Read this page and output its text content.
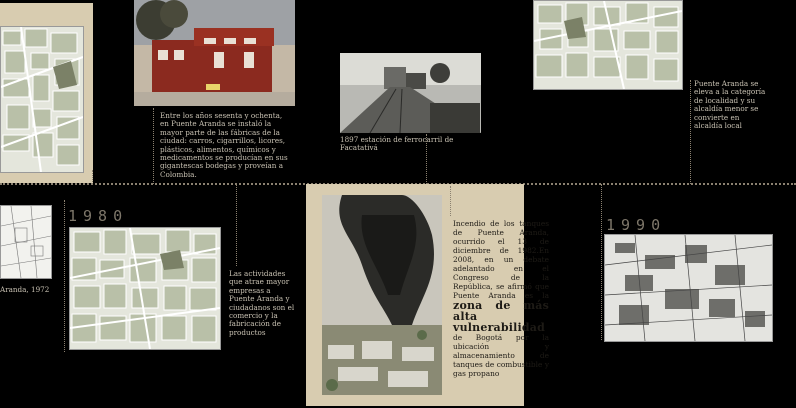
Entre los años sesenta y ochenta, en Puente Aranda se instaló la mayor parte de las fábricas de la ciudad: carros, cigarrillos, licores, plásticos, alimentos, químicos y medicamentos se producían en sus gigantescas bodegas y proveían a Colombia.
1897 estación de ferrocarril de Facatativá
Puente Aranda se eleva a la categoría de localidad y su alcaldía menor se convierte en alcaldía local
Aranda, 1972
1980
Las actividades que atrae mayor empresas a Puente Aranda y ciudadanos son el comercio y la fabricación de productos
Incendio de los tanques de Puente Aranda, ocurrido el 13 de diciembre de 1982.En 2008, en un debate adelantado en el Congreso de la República, se afirmó que Puente Aranda es la zona de más alta vulnerabilidad de Bogotá por la ubicación y almacenamiento de tanques de combustible y gas propano
1990
